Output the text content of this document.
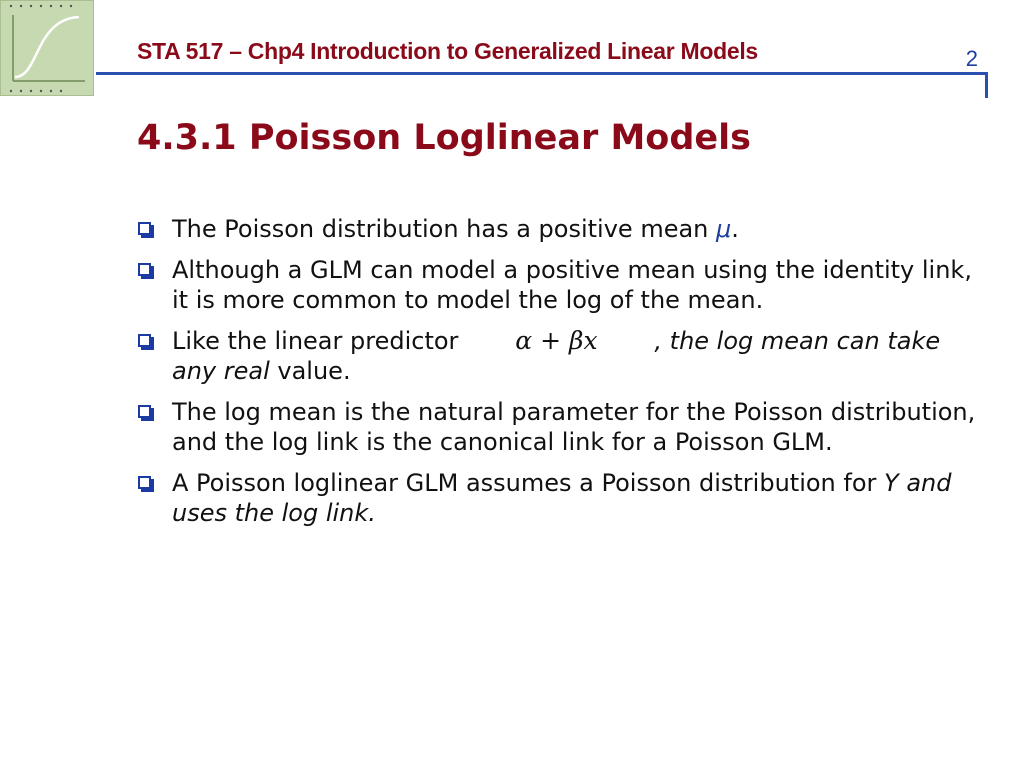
STA 517 – Chp4 Introduction to Generalized Linear Models	2
4.3.1 Poisson Loglinear Models
The Poisson distribution has a positive mean μ.
Although a GLM can model a positive mean using the identity link, it is more common to model the log of the mean.
Like the linear predictor α + βx , the log mean can take any real value.
The log mean is the natural parameter for the Poisson distribution, and the log link is the canonical link for a Poisson GLM.
A Poisson loglinear GLM assumes a Poisson distribution for Y and uses the log link.
